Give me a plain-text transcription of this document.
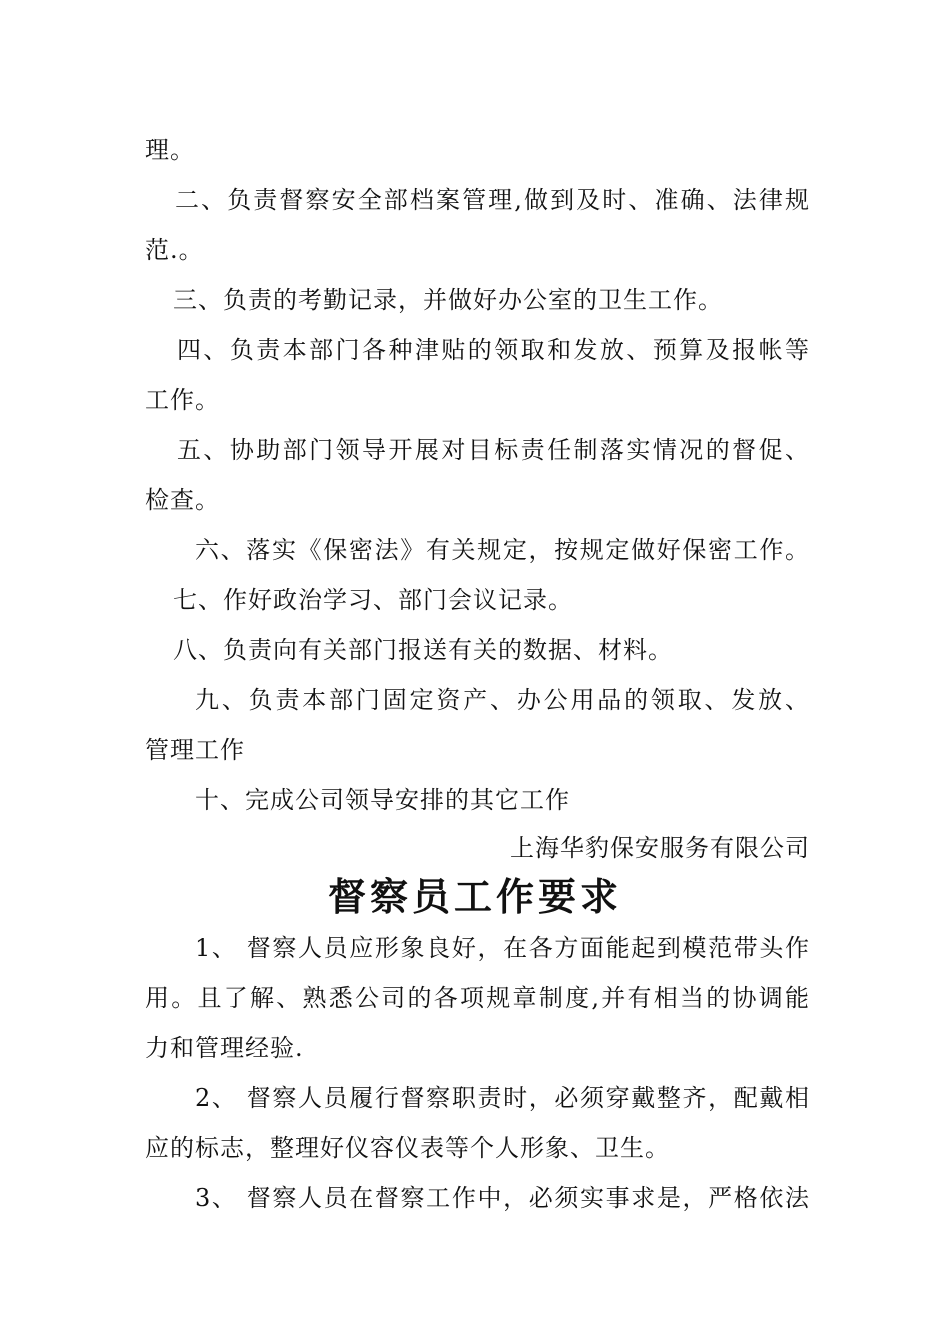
理。
二、负责督察安全部档案管理,做到及时、准确、法律规
范.。
三、负责的考勤记录，并做好办公室的卫生工作。
四、负责本部门各种津贴的领取和发放、预算及报帐等
工作。
五、协助部门领导开展对目标责任制落实情况的督促、
检查。
六、落实《保密法》有关规定，按规定做好保密工作。
七、作好政治学习、部门会议记录。
八、负责向有关部门报送有关的数据、材料。
九、负责本部门固定资产、办公用品的领取、发放、
管理工作
十、完成公司领导安排的其它工作
上海华豹保安服务有限公司
督察员工作要求
1、 督察人员应形象良好，在各方面能起到模范带头作
用。且了解、熟悉公司的各项规章制度,并有相当的协调能
力和管理经验.
2、 督察人员履行督察职责时，必须穿戴整齐，配戴相
应的标志，整理好仪容仪表等个人形象、卫生。
3、 督察人员在督察工作中，必须实事求是，严格依法
